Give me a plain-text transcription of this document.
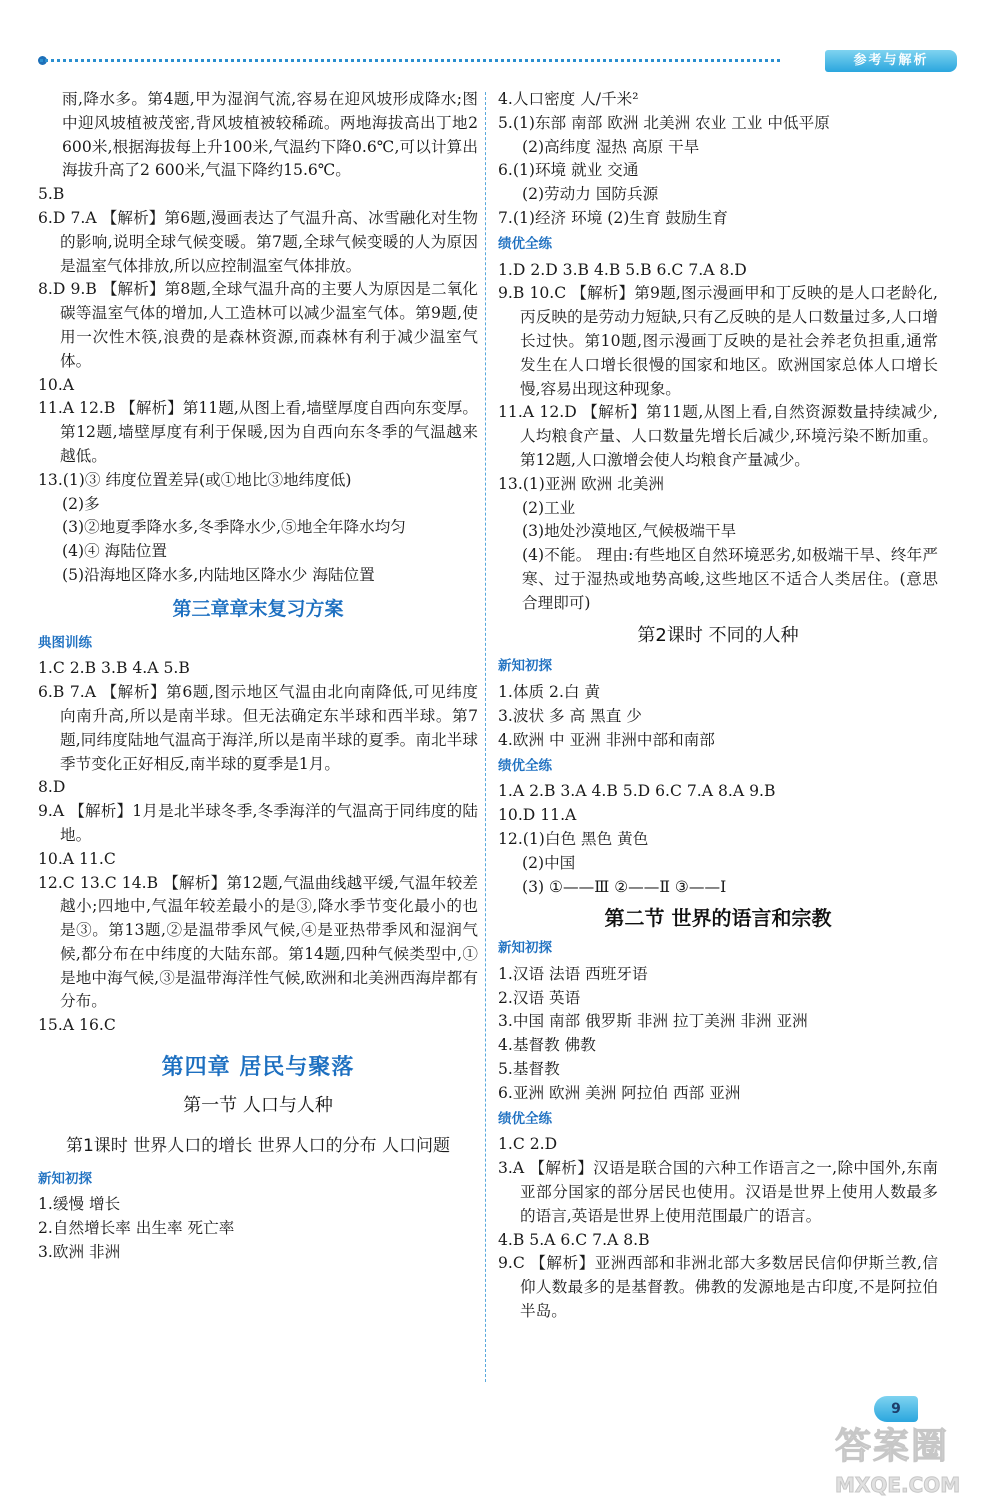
参考与解析

雨,降水多。第4题,甲为湿润气流,容易在迎风坡形成降水;图中迎风坡植被茂密,背风坡植被较稀疏。两地海拔高出丁地2 600米,根据海拔每上升100米,气温约下降0.6℃,可以计算出海拔升高了2 600米,气温下降约15.6℃。

5.B

6.D 7.A 【解析】第6题,漫画表达了气温升高、冰雪融化对生物的影响,说明全球气候变暖。第7题,全球气候变暖的人为原因是温室气体排放,所以应控制温室气体排放。

8.D 9.B 【解析】第8题,全球气温升高的主要人为原因是二氧化碳等温室气体的增加,人工造林可以减少温室气体。第9题,使用一次性木筷,浪费的是森林资源,而森林有利于减少温室气体。

10.A

11.A 12.B 【解析】第11题,从图上看,墙壁厚度自西向东变厚。第12题,墙壁厚度有利于保暖,因为自西向东冬季的气温越来越低。

13.(1)③ 纬度位置差异(或①地比③地纬度低)

(2)多

(3)②地夏季降水多,冬季降水少,⑤地全年降水均匀

(4)④ 海陆位置

(5)沿海地区降水多,内陆地区降水少 海陆位置

第三章章末复习方案
典图训练

1.C 2.B 3.B 4.A 5.B

6.B 7.A 【解析】第6题,图示地区气温由北向南降低,可见纬度向南升高,所以是南半球。但无法确定东半球和西半球。第7题,同纬度陆地气温高于海洋,所以是南半球的夏季。南北半球季节变化正好相反,南半球的夏季是1月。

8.D

9.A 【解析】1月是北半球冬季,冬季海洋的气温高于同纬度的陆地。

10.A 11.C

12.C 13.C 14.B 【解析】第12题,气温曲线越平缓,气温年较差越小;四地中,气温年较差最小的是③,降水季节变化最小的也是③。第13题,②是温带季风气候,④是亚热带季风和湿润气候,都分布在中纬度的大陆东部。第14题,四种气候类型中,①是地中海气候,③是温带海洋性气候,欧洲和北美洲西海岸都有分布。

15.A 16.C

第四章 居民与聚落
第一节 人口与人种
第1课时 世界人口的增长 世界人口的分布 人口问题
新知初探

1.缓慢 增长

2.自然增长率 出生率 死亡率

3.欧洲 非洲

4.人口密度 人/千米²

5.(1)东部 南部 欧洲 北美洲 农业 工业 中低平原

(2)高纬度 湿热 高原 干旱

6.(1)环境 就业 交通

(2)劳动力 国防兵源

7.(1)经济 环境 (2)生育 鼓励生育

绩优全练

1.D 2.D 3.B 4.B 5.B 6.C 7.A 8.D

9.B 10.C 【解析】第9题,图示漫画甲和丁反映的是人口老龄化,丙反映的是劳动力短缺,只有乙反映的是人口数量过多,人口增长过快。第10题,图示漫画丁反映的是社会养老负担重,通常发生在人口增长很慢的国家和地区。欧洲国家总体人口增长慢,容易出现这种现象。

11.A 12.D 【解析】第11题,从图上看,自然资源数量持续减少,人均粮食产量、人口数量先增长后减少,环境污染不断加重。第12题,人口激增会使人均粮食产量减少。

13.(1)亚洲 欧洲 北美洲

(2)工业

(3)地处沙漠地区,气候极端干旱

(4)不能。 理由:有些地区自然环境恶劣,如极端干旱、终年严寒、过于湿热或地势高峻,这些地区不适合人类居住。(意思合理即可)

第2课时 不同的人种
新知初探

1.体质 2.白 黄

3.波状 多 高 黑直 少

4.欧洲 中 亚洲 非洲中部和南部

绩优全练

1.A 2.B 3.A 4.B 5.D 6.C 7.A 8.A 9.B

10.D 11.A

12.(1)白色 黑色 黄色

(2)中国

(3) ①——Ⅲ ②——Ⅱ ③——Ⅰ

第二节 世界的语言和宗教
新知初探

1.汉语 法语 西班牙语

2.汉语 英语

3.中国 南部 俄罗斯 非洲 拉丁美洲 非洲 亚洲

4.基督教 佛教

5.基督教

6.亚洲 欧洲 美洲 阿拉伯 西部 亚洲

绩优全练

1.C 2.D

3.A 【解析】汉语是联合国的六种工作语言之一,除中国外,东南亚部分国家的部分居民也使用。汉语是世界上使用人数最多的语言,英语是世界上使用范围最广的语言。

4.B 5.A 6.C 7.A 8.B

9.C 【解析】亚洲西部和非洲北部大多数居民信仰伊斯兰教,信仰人数最多的是基督教。佛教的发源地是古印度,不是阿拉伯半岛。

9
答案圈
MXQE.COM
